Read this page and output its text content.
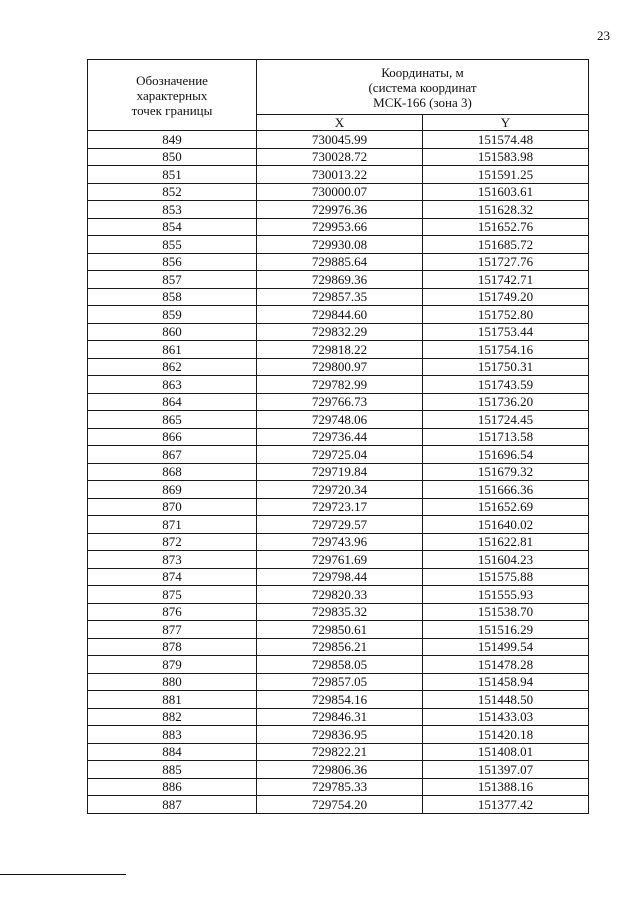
23
Обозначение
характерных
точек границы	Координаты, м
(система координат
МСК-166 (зона 3)	

	X	Y
849	730045.99	151574.48
850	730028.72	151583.98
851	730013.22	151591.25
852	730000.07	151603.61
853	729976.36	151628.32
854	729953.66	151652.76
855	729930.08	151685.72
856	729885.64	151727.76
857	729869.36	151742.71
858	729857.35	151749.20
859	729844.60	151752.80
860	729832.29	151753.44
861	729818.22	151754.16
862	729800.97	151750.31
863	729782.99	151743.59
864	729766.73	151736.20
865	729748.06	151724.45
866	729736.44	151713.58
867	729725.04	151696.54
868	729719.84	151679.32
869	729720.34	151666.36
870	729723.17	151652.69
871	729729.57	151640.02
872	729743.96	151622.81
873	729761.69	151604.23
874	729798.44	151575.88
875	729820.33	151555.93
876	729835.32	151538.70
877	729850.61	151516.29
878	729856.21	151499.54
879	729858.05	151478.28
880	729857.05	151458.94
881	729854.16	151448.50
882	729846.31	151433.03
883	729836.95	151420.18
884	729822.21	151408.01
885	729806.36	151397.07
886	729785.33	151388.16
887	729754.20	151377.42
